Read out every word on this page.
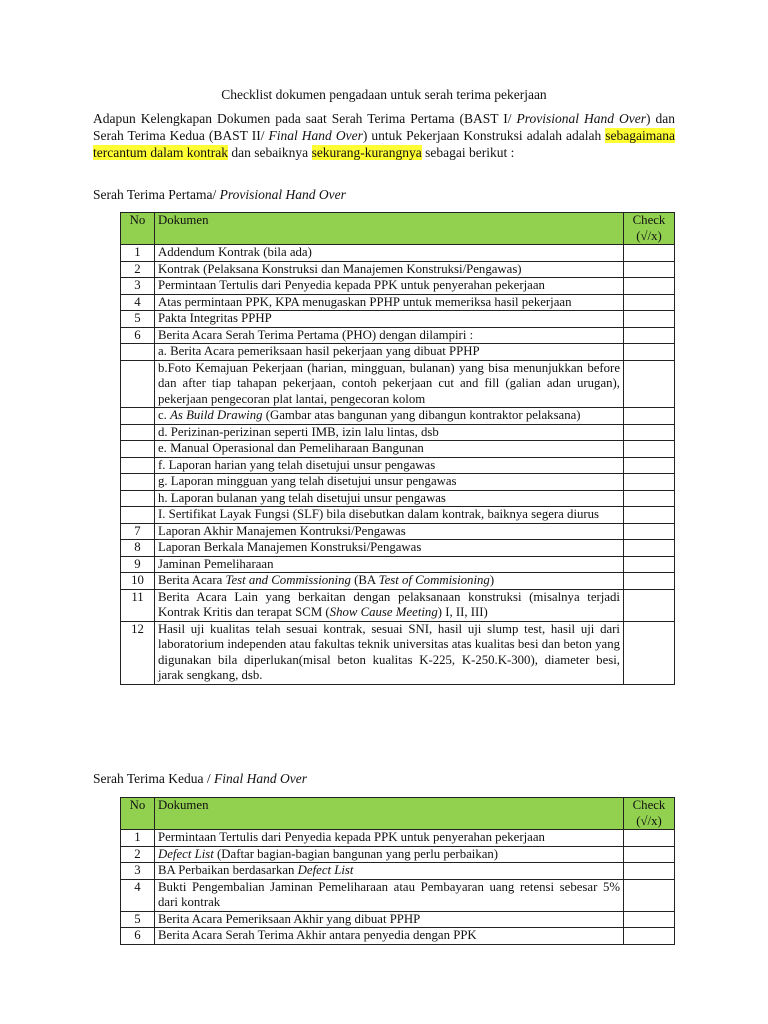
Checklist dokumen pengadaan untuk serah terima pekerjaan
Adapun Kelengkapan Dokumen pada saat Serah Terima Pertama (BAST I/ Provisional Hand Over) dan Serah Terima Kedua (BAST II/ Final Hand Over) untuk Pekerjaan Konstruksi adalah adalah sebagaimana tercantum dalam kontrak dan sebaiknya sekurang-kurangnya sebagai berikut :
Serah Terima Pertama/ Provisional Hand Over
No	Dokumen	Check (√/x)
1	Addendum Kontrak (bila ada)	
2	Kontrak (Pelaksana Konstruksi dan Manajemen Konstruksi/Pengawas)	
3	Permintaan Tertulis dari Penyedia kepada PPK untuk penyerahan pekerjaan	
4	Atas permintaan PPK, KPA menugaskan PPHP untuk memeriksa hasil pekerjaan	
5	Pakta Integritas PPHP	
6	Berita Acara Serah Terima Pertama (PHO) dengan dilampiri :	
	a. Berita Acara pemeriksaan hasil pekerjaan yang dibuat PPHP	
	b.Foto Kemajuan Pekerjaan (harian, mingguan, bulanan) yang bisa menunjukkan before dan after tiap tahapan pekerjaan, contoh pekerjaan cut and fill (galian adan urugan), pekerjaan pengecoran plat lantai, pengecoran kolom	
	c. As Build Drawing (Gambar atas bangunan yang dibangun kontraktor pelaksana)	
	d. Perizinan-perizinan seperti IMB, izin lalu lintas, dsb	
	e. Manual Operasional dan Pemeliharaan Bangunan	
	f. Laporan harian yang telah disetujui unsur pengawas	
	g. Laporan mingguan yang telah disetujui unsur pengawas	
	h. Laporan bulanan yang telah disetujui unsur pengawas	
	I. Sertifikat Layak Fungsi (SLF) bila disebutkan dalam kontrak, baiknya segera diurus	
7	Laporan Akhir Manajemen Kontruksi/Pengawas	
8	Laporan Berkala Manajemen Konstruksi/Pengawas	
9	Jaminan Pemeliharaan	
10	Berita Acara Test and Commissioning (BA Test of Commisioning)	
11	Berita Acara Lain yang berkaitan dengan pelaksanaan konstruksi (misalnya terjadi Kontrak Kritis dan terapat SCM (Show Cause Meeting) I, II, III)	
12	Hasil uji kualitas telah sesuai kontrak, sesuai SNI, hasil uji slump test, hasil uji dari laboratorium independen atau fakultas teknik universitas atas kualitas besi dan beton yang digunakan bila diperlukan(misal beton kualitas K-225, K-250.K-300), diameter besi, jarak sengkang, dsb.	
Serah Terima Kedua / Final Hand Over
No	Dokumen	Check (√/x)
1	Permintaan Tertulis dari Penyedia kepada PPK untuk penyerahan pekerjaan	
2	Defect List (Daftar bagian-bagian bangunan yang perlu perbaikan)	
3	BA Perbaikan berdasarkan Defect List	
4	Bukti Pengembalian Jaminan Pemeliharaan atau Pembayaran uang retensi sebesar 5% dari kontrak	
5	Berita Acara Pemeriksaan Akhir yang dibuat PPHP	
6	Berita Acara Serah Terima Akhir antara penyedia dengan PPK	
